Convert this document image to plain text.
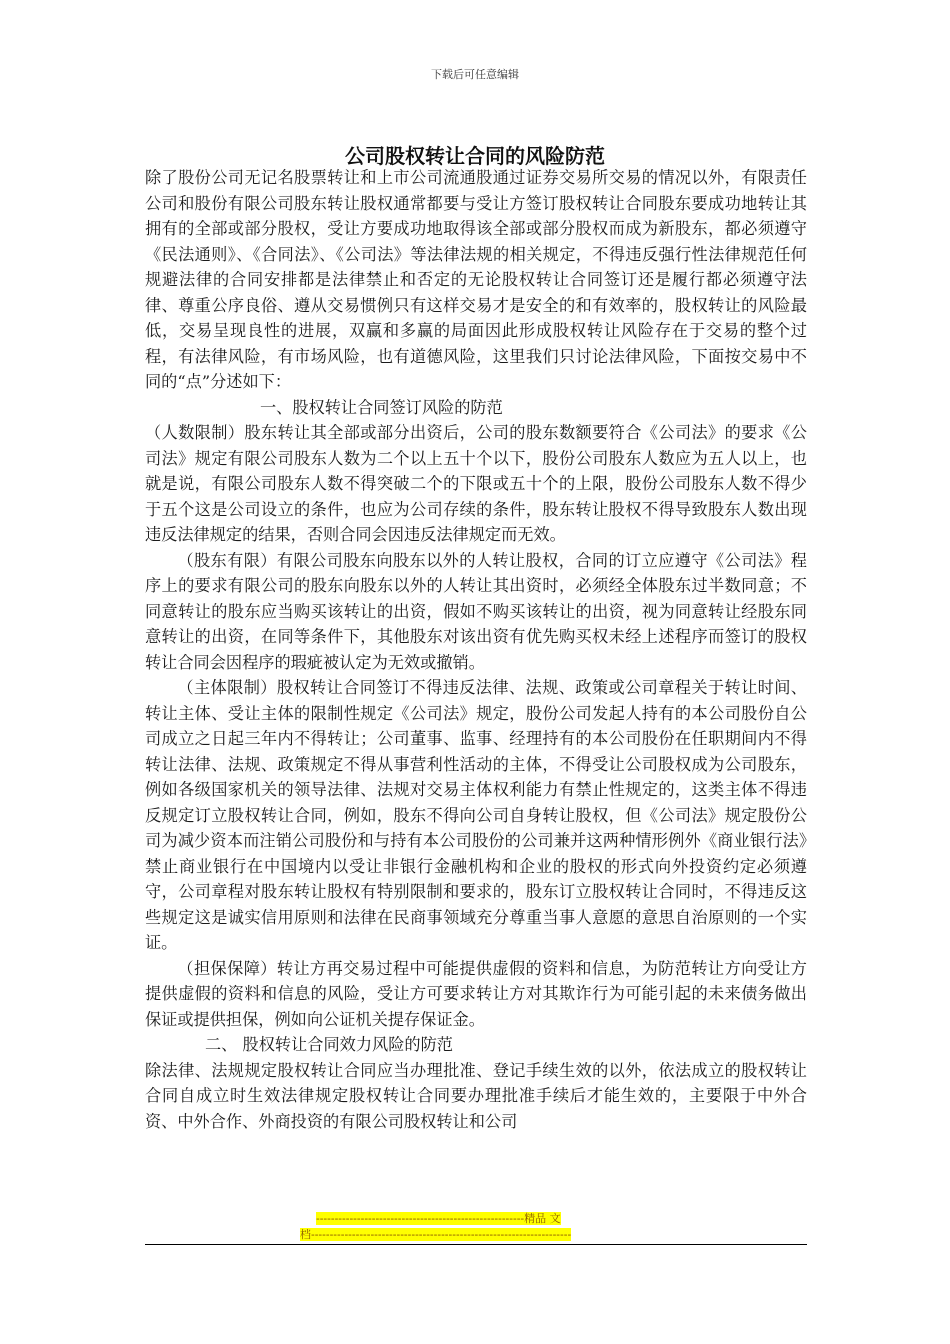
下载后可任意编辑
公司股权转让合同的风险防范

除了股份公司无记名股票转让和上市公司流通股通过证券交易所交易的情况以外，有限责任公司和股份有限公司股东转让股权通常都要与受让方签订股权转让合同股东要成功地转让其拥有的全部或部分股权，受让方要成功地取得该全部或部分股权而成为新股东，都必须遵守《民法通则》、《合同法》、《公司法》等法律法规的相关规定，不得违反强行性法律规范任何规避法律的合同安排都是法律禁止和否定的无论股权转让合同签订还是履行都必须遵守法律、尊重公序良俗、遵从交易惯例只有这样交易才是安全的和有效率的，股权转让的风险最低，交易呈现良性的进展，双赢和多赢的局面因此形成股权转让风险存在于交易的整个过程，有法律风险，有市场风险，也有道德风险，这里我们只讨论法律风险，下面按交易中不同的“点”分述如下：

一、股权转让合同签订风险的防范

（人数限制）股东转让其全部或部分出资后，公司的股东数额要符合《公司法》的要求《公司法》规定有限公司股东人数为二个以上五十个以下，股份公司股东人数应为五人以上，也就是说，有限公司股东人数不得突破二个的下限或五十个的上限，股份公司股东人数不得少于五个这是公司设立的条件，也应为公司存续的条件，股东转让股权不得导致股东人数出现违反法律规定的结果，否则合同会因违反法律规定而无效。

（股东有限）有限公司股东向股东以外的人转让股权，合同的订立应遵守《公司法》程序上的要求有限公司的股东向股东以外的人转让其出资时，必须经全体股东过半数同意；不同意转让的股东应当购买该转让的出资，假如不购买该转让的出资，视为同意转让经股东同意转让的出资，在同等条件下，其他股东对该出资有优先购买权未经上述程序而签订的股权转让合同会因程序的瑕疵被认定为无效或撤销。

（主体限制）股权转让合同签订不得违反法律、法规、政策或公司章程关于转让时间、转让主体、受让主体的限制性规定《公司法》规定，股份公司发起人持有的本公司股份自公司成立之日起三年内不得转让；公司董事、监事、经理持有的本公司股份在任职期间内不得转让法律、法规、政策规定不得从事营利性活动的主体，不得受让公司股权成为公司股东，例如各级国家机关的领导法律、法规对交易主体权利能力有禁止性规定的，这类主体不得违反规定订立股权转让合同，例如，股东不得向公司自身转让股权，但《公司法》规定股份公司为减少资本而注销公司股份和与持有本公司股份的公司兼并这两种情形例外《商业银行法》禁止商业银行在中国境内以受让非银行金融机构和企业的股权的形式向外投资约定必须遵守，公司章程对股东转让股权有特别限制和要求的，股东订立股权转让合同时，不得违反这些规定这是诚实信用原则和法律在民商事领域充分尊重当事人意愿的意思自治原则的一个实证。

（担保保障）转让方再交易过程中可能提供虚假的资料和信息，为防范转让方向受让方提供虚假的资料和信息的风险，受让方可要求转让方对其欺诈行为可能引起的未来债务做出保证或提供担保，例如向公证机关提存保证金。

二、 股权转让合同效力风险的防范

除法律、法规规定股权转让合同应当办理批准、登记手续生效的以外，依法成立的股权转让合同自成立时生效法律规定股权转让合同要办理批准手续后才能生效的，主要限于中外合资、中外合作、外商投资的有限公司股权转让和公司

--------------------------------------------------------精品 文
档----------------------------------------------------------------------
